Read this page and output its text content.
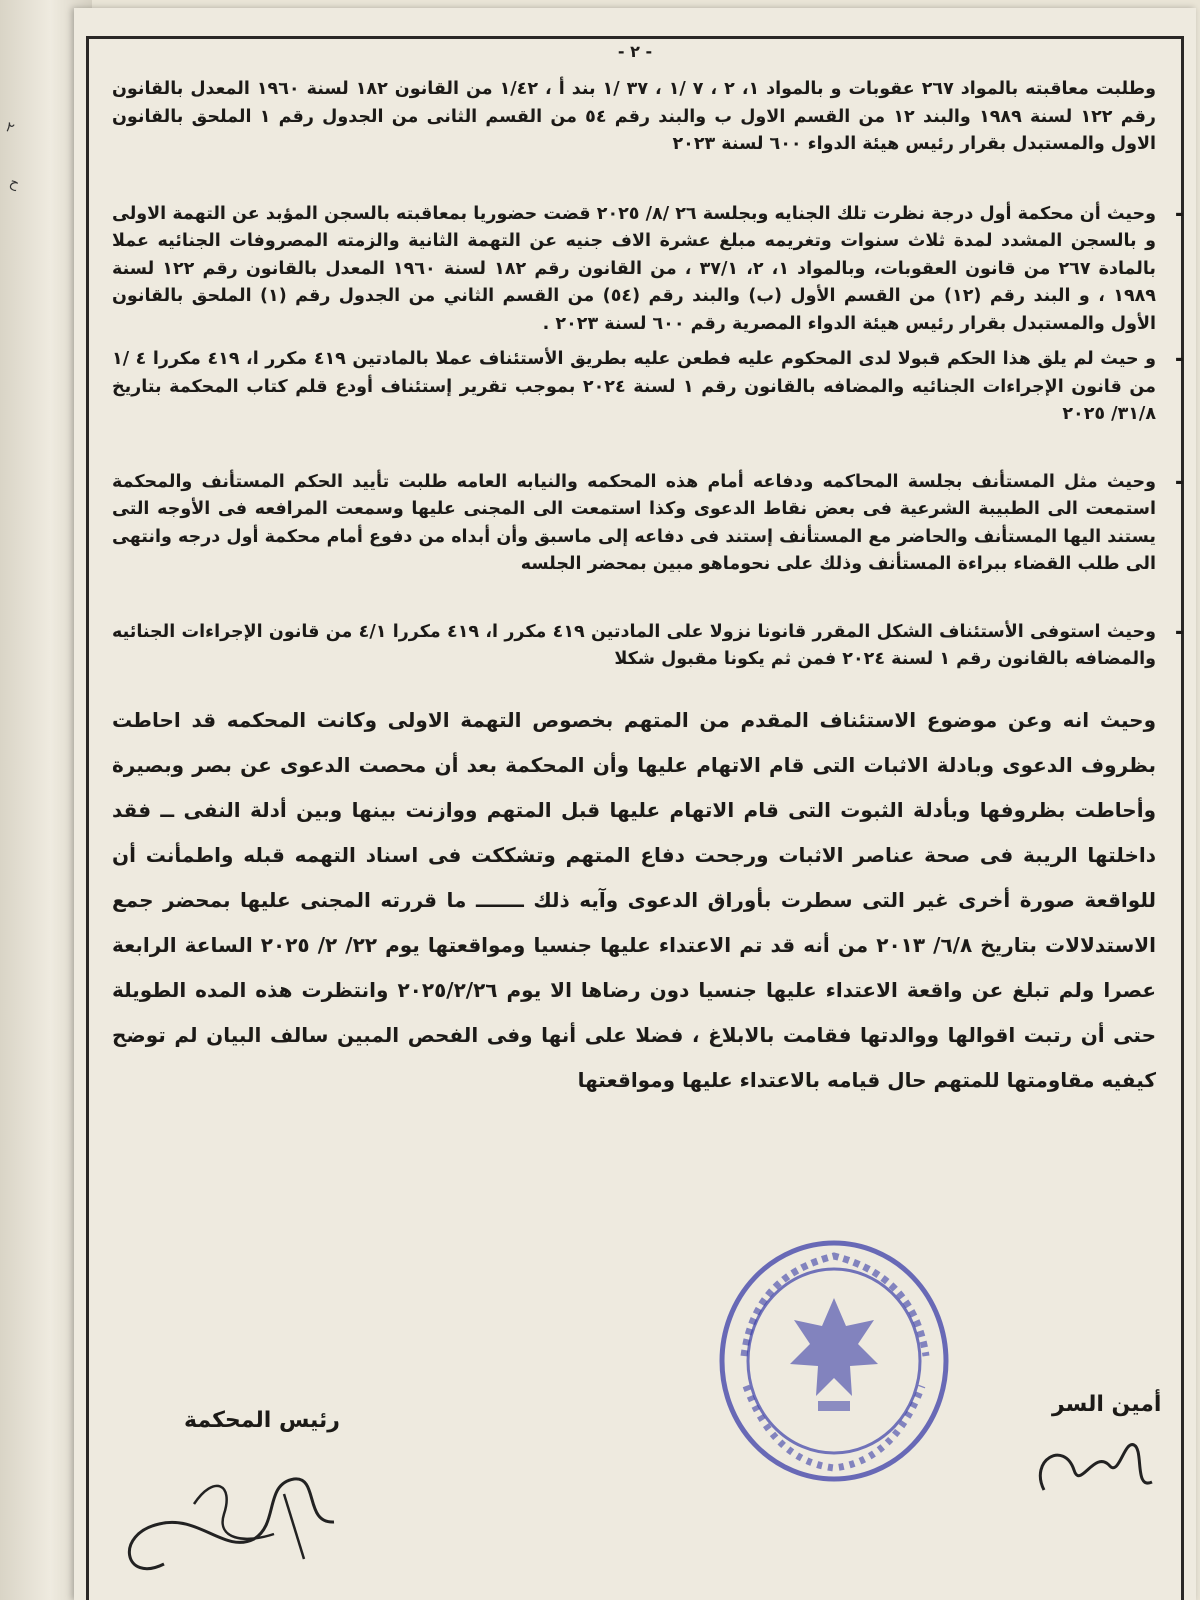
٢
ح
- ٢ -

وطلبت معاقبته بالمواد ٢٦٧ عقوبات و بالمواد ١، ٢ ، ٧ /١ ، ٣٧ /١ بند أ ، ١/٤٢ من القانون ١٨٢ لسنة ١٩٦٠ المعدل بالقانون رقم ١٢٢ لسنة ١٩٨٩ والبند ١٢ من القسم الاول ب والبند رقم ٥٤ من القسم الثانى من الجدول رقم ١ الملحق بالقانون الاول والمستبدل بقرار رئيس هيئة الدواء ٦٠٠ لسنة ٢٠٢٣

-
وحيث أن محكمة أول درجة نظرت تلك الجنايه وبجلسة ٢٦ /٨/ ٢٠٢٥ قضت حضوريا بمعاقبته بالسجن المؤبد عن التهمة الاولى و بالسجن المشدد لمدة ثلاث سنوات وتغريمه مبلغ عشرة الاف جنيه عن التهمة الثانية والزمته المصروفات الجنائيه عملا بالمادة ٢٦٧ من قانون العقوبات، وبالمواد ١، ٢، ٣٧/١ ، من القانون رقم ١٨٢ لسنة ١٩٦٠ المعدل بالقانون رقم ١٢٢ لسنة ١٩٨٩ ، و البند رقم (١٢) من القسم الأول (ب) والبند رقم (٥٤) من القسم الثاني من الجدول رقم (١) الملحق بالقانون الأول والمستبدل بقرار رئيس هيئة الدواء المصرية رقم ٦٠٠ لسنة ٢٠٢٣ .
-
و حيث لم يلق هذا الحكم قبولا لدى المحكوم عليه فطعن عليه بطريق الأستئناف عملا بالمادتين ٤١٩ مكرر ا، ٤١٩ مكررا ٤ /١ من قانون الإجراءات الجنائيه والمضافه بالقانون رقم ١ لسنة ٢٠٢٤ بموجب تقرير إستئناف أودع قلم كتاب المحكمة بتاريخ ٣١/٨/ ٢٠٢٥
-
وحيث مثل المستأنف بجلسة المحاكمه ودفاعه أمام هذه المحكمه والنيابه العامه طلبت تأييد الحكم المستأنف والمحكمة استمعت الى الطبيبة الشرعية فى بعض نقاط الدعوى وكذا استمعت الى المجنى عليها وسمعت المرافعه فى الأوجه التى يستند اليها المستأنف والحاضر مع المستأنف إستند فى دفاعه إلى ماسبق وأن أبداه من دفوع أمام محكمة أول درجه وانتهى الى طلب القضاء ببراءة المستأنف وذلك على نحوماهو مبين بمحضر الجلسه
-
وحيث استوفى الأستئناف الشكل المقرر قانونا نزولا على المادتين ٤١٩ مكرر ا، ٤١٩ مكررا ٤/١ من قانون الإجراءات الجنائيه والمضافه بالقانون رقم ١ لسنة ٢٠٢٤ فمن ثم يكونا مقبول شكلا

وحيث انه وعن موضوع الاستئناف المقدم من المتهم بخصوص التهمة الاولى وكانت المحكمه قد احاطت بظروف الدعوى وبادلة الاثبات التى قام الاتهام عليها وأن المحكمة بعد أن محصت الدعوى عن بصر وبصيرة وأحاطت بظروفها وبأدلة الثبوت التى قام الاتهام عليها قبل المتهم ووازنت بينها وبين أدلة النفى ــ فقد داخلتها الريبة فى صحة عناصر الاثبات ورجحت دفاع المتهم وتشككت فى اسناد التهمه قبله واطمأنت أن للواقعة صورة أخرى غير التى سطرت بأوراق الدعوى وآيه ذلك ـــــــ ما قررته المجنى عليها بمحضر جمع الاستدلالات بتاريخ ٦/٨/ ٢٠١٣ من أنه قد تم الاعتداء عليها جنسيا ومواقعتها يوم ٢٢/ ٢/ ٢٠٢٥ الساعة الرابعة عصرا ولم تبلغ عن واقعة الاعتداء عليها جنسيا دون رضاها الا يوم ٢٠٢٥/٢/٢٦ وانتظرت هذه المده الطويلة حتى أن رتبت اقوالها ووالدتها فقامت بالابلاغ ، فضلا على أنها وفى الفحص المبين سالف البيان لم توضح كيفيه مقاومتها للمتهم حال قيامه بالاعتداء عليها ومواقعتها

رئيس المحكمة
أمين السر
